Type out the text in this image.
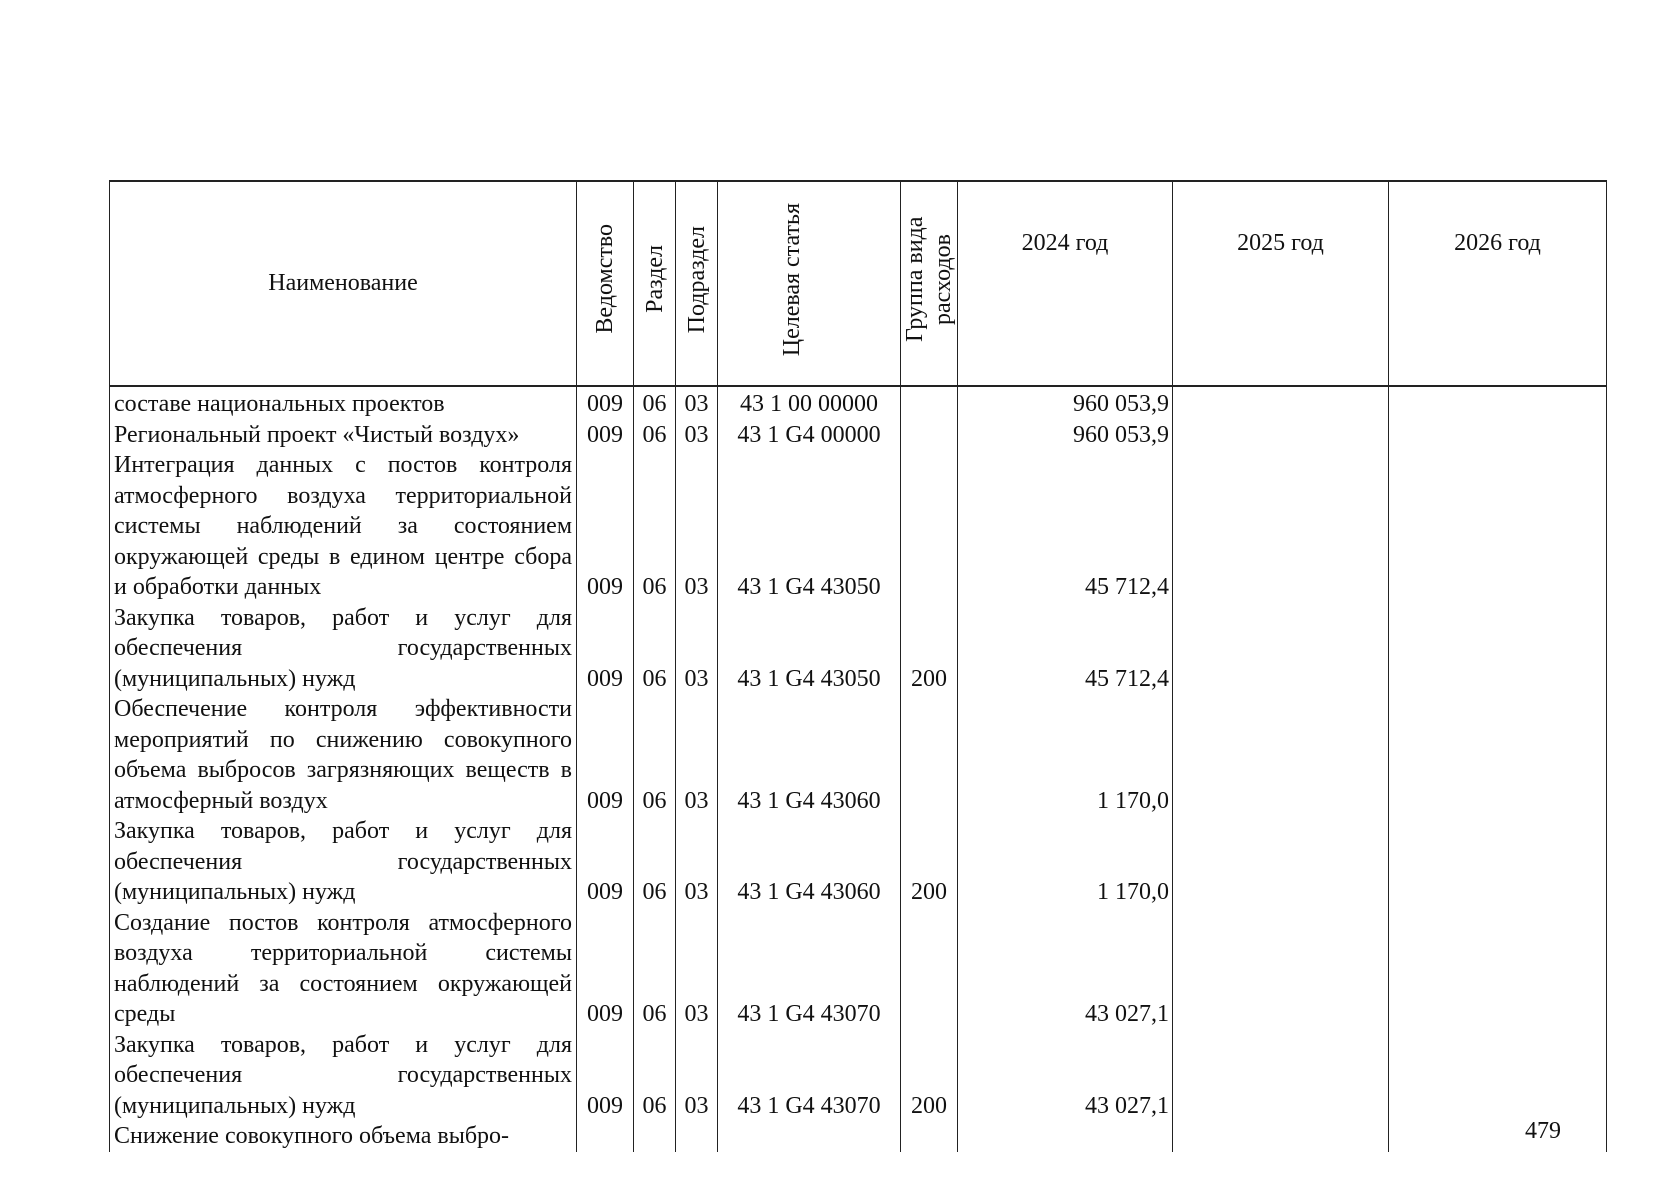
Наименование	Ведомство	Раздел	Подраздел	Целевая статья	Группа вида расходов	2024 год	2025 год	2026 год
составе национальных проектов	009	06	03	43 1 00 00000		960 053,9		
Региональный проект «Чистый воздух»	009	06	03	43 1 G4 00000		960 053,9		
Интеграция данных с постов контроля атмосферного воздуха территориальной системы наблюдений за состоянием окружающей среды в едином центре сбора и обработки данных	009	06	03	43 1 G4 43050		45 712,4		
Закупка товаров, работ и услуг для обеспечения государственных (муниципальных) нужд	009	06	03	43 1 G4 43050	200	45 712,4		
Обеспечение контроля эффективности мероприятий по снижению совокупного объема выбросов загрязняющих веществ в атмосферный воздух	009	06	03	43 1 G4 43060		1 170,0		
Закупка товаров, работ и услуг для обеспечения государственных (муниципальных) нужд	009	06	03	43 1 G4 43060	200	1 170,0		
Создание постов контроля атмосферного воздуха территориальной системы наблюдений за состоянием окружающей среды	009	06	03	43 1 G4 43070		43 027,1		
Закупка товаров, работ и услуг для обеспечения государственных (муниципальных) нужд	009	06	03	43 1 G4 43070	200	43 027,1		
Снижение совокупного объема выбро-									479
